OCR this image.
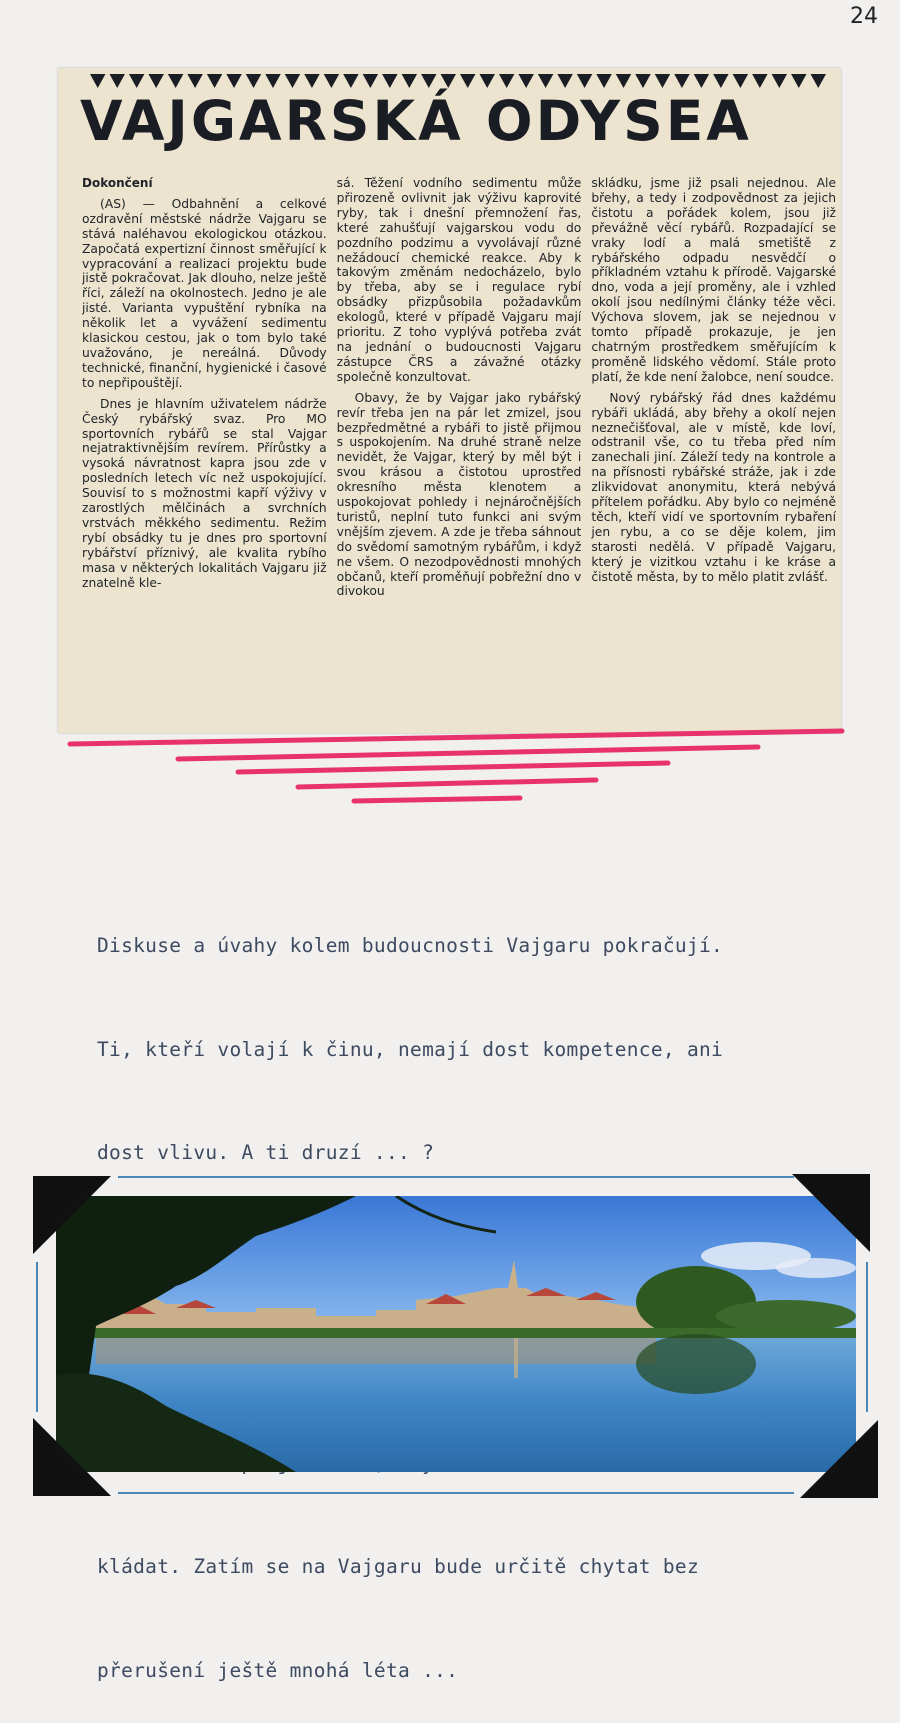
24
VAJGARSKÁ ODYSEA

Dokončení

(AS) — Odbahnění a celkové ozdravění městské nádrže Vajgaru se stává naléhavou ekologickou otázkou. Započatá expertizní činnost směřující k vypracování a realizaci projektu bude jistě pokračovat. Jak dlouho, nelze ještě říci, záleží na okolnostech. Jedno je ale jisté. Varianta vypuštění rybníka na několik let a vyvážení sedimentu klasickou cestou, jak o tom bylo také uvažováno, je nereálná. Důvody technické, finanční, hygienické i časové to nepřipouštějí.

Dnes je hlavním uživatelem nádrže Český rybářský svaz. Pro MO sportovních rybářů se stal Vajgar nejatraktivnějším revírem. Přírůstky a vysoká návratnost kapra jsou zde v posledních letech víc než uspokojující. Souvisí to s možnostmi kapří výživy v zarostlých mělčinách a svrchních vrstvách měkkého sedimentu. Režim rybí obsádky tu je dnes pro sportovní rybářství příznivý, ale kvalita rybího masa v některých lokalitách Vajgaru již znatelně kle-

sá. Těžení vodního sedimentu může přirozeně ovlivnit jak výživu kaprovité ryby, tak i dnešní přemnožení řas, které zahušťují vajgarskou vodu do pozdního podzimu a vyvolávají různé nežádoucí chemické reakce. Aby k takovým změnám nedocházelo, bylo by třeba, aby se i regulace rybí obsádky přizpůsobila požadavkům ekologů, které v případě Vajgaru mají prioritu. Z toho vyplývá potřeba zvát na jednání o budoucnosti Vajgaru zástupce ČRS a závažné otázky společně konzultovat.

Obavy, že by Vajgar jako rybářský revír třeba jen na pár let zmizel, jsou bezpředmětné a rybáři to jistě přijmou s uspokojením. Na druhé straně nelze nevidět, že Vajgar, který by měl být i svou krásou a čistotou uprostřed okresního města klenotem a uspokojovat pohledy i nejnáročnějších turistů, neplní tuto funkci ani svým vnějším zjevem. A zde je třeba sáhnout do svědomí samotným rybářům, i když ne všem. O nezodpovědnosti mnohých občanů, kteří proměňují pobřežní dno v divokou

skládku, jsme již psali nejednou. Ale břehy, a tedy i zodpovědnost za jejich čistotu a pořádek kolem, jsou již převážně věcí rybářů. Rozpadající se vraky lodí a malá smetiště z rybářského odpadu nesvědčí o příkladném vztahu k přírodě. Vajgarské dno, voda a její proměny, ale i vzhled okolí jsou nedílnými články téže věci. Výchova slovem, jak se nejednou v tomto případě prokazuje, je jen chatrným prostředkem směřujícím k proměně lidského vědomí. Stále proto platí, že kde není žalobce, není soudce.

Nový rybářský řád dnes každému rybáři ukládá, aby břehy a okolí nejen neznečišťoval, ale v místě, kde loví, odstranil vše, co tu třeba před ním zanechali jiní. Záleží tedy na kontrole a na přísnosti rybářské stráže, jak i zde zlikvidovat anonymitu, která nebývá přítelem pořádku. Aby bylo co nejméně těch, kteří vidí ve sportovním rybaření jen rybu, a co se děje kolem, jim starosti nedělá. V případě Vajgaru, který je vizitkou vztahu i ke kráse a čistotě města, by to mělo platit zvlášť.

Diskuse a úvahy kolem budoucnosti Vajgaru pokračují.

Ti, kteří volají k činu, nemají dost kompetence, ani

dost vlivu. A ti druzí ... ?

kládat. Zatím se na Vajgaru bude určitě chytat bez

přerušení ještě mnohá léta ...
